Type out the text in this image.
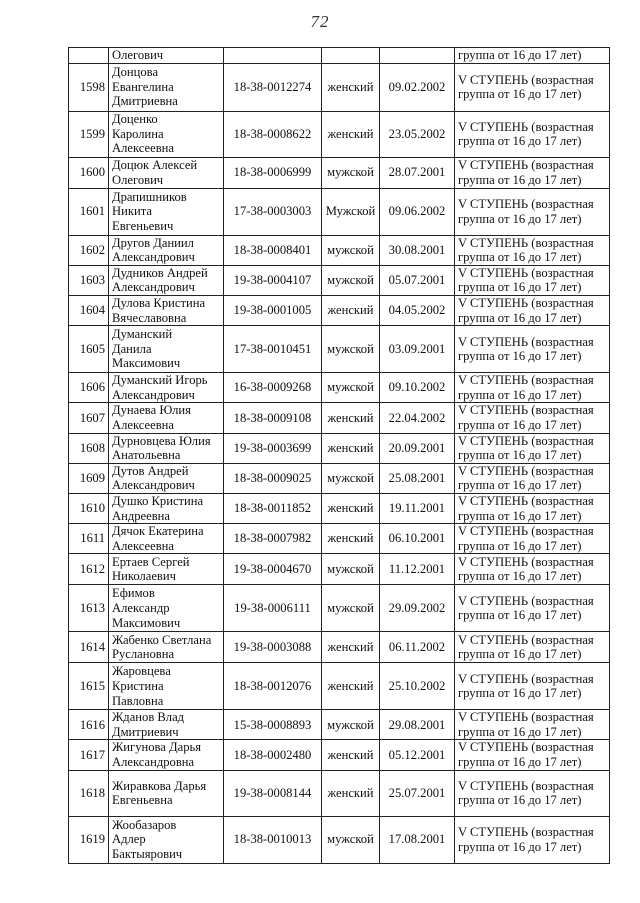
72

	Олегович				группа от 16 до 17 лет)

1598	Донцова
Евангелина
Дмитриевна	18-38-0012274	женский	09.02.2002	V СТУПЕНЬ (возрастная
группа от 16 до 17 лет)

1599	Доценко
Каролина
Алексеевна	18-38-0008622	женский	23.05.2002	V СТУПЕНЬ (возрастная
группа от 16 до 17 лет)

1600	Доцюк Алексей
Олегович	18-38-0006999	мужской	28.07.2001	V СТУПЕНЬ (возрастная
группа от 16 до 17 лет)

1601	Драпишников
Никита
Евгеньевич	17-38-0003003	Мужской	09.06.2002	V СТУПЕНЬ (возрастная
группа от 16 до 17 лет)

1602	Другов Даниил
Александрович	18-38-0008401	мужской	30.08.2001	V СТУПЕНЬ (возрастная
группа от 16 до 17 лет)

1603	Дудников Андрей
Александрович	19-38-0004107	мужской	05.07.2001	V СТУПЕНЬ (возрастная
группа от 16 до 17 лет)

1604	Дулова Кристина
Вячеславовна	19-38-0001005	женский	04.05.2002	V СТУПЕНЬ (возрастная
группа от 16 до 17 лет)

1605	Думанский
Данила
Максимович	17-38-0010451	мужской	03.09.2001	V СТУПЕНЬ (возрастная
группа от 16 до 17 лет)

1606	Думанский Игорь
Александрович	16-38-0009268	мужской	09.10.2002	V СТУПЕНЬ (возрастная
группа от 16 до 17 лет)

1607	Дунаева Юлия
Алексеевна	18-38-0009108	женский	22.04.2002	V СТУПЕНЬ (возрастная
группа от 16 до 17 лет)

1608	Дурновцева Юлия
Анатольевна	19-38-0003699	женский	20.09.2001	V СТУПЕНЬ (возрастная
группа от 16 до 17 лет)

1609	Дутов Андрей
Александрович	18-38-0009025	мужской	25.08.2001	V СТУПЕНЬ (возрастная
группа от 16 до 17 лет)

1610	Душко Кристина
Андреевна	18-38-0011852	женский	19.11.2001	V СТУПЕНЬ (возрастная
группа от 16 до 17 лет)

1611	Дячок Екатерина
Алексеевна	18-38-0007982	женский	06.10.2001	V СТУПЕНЬ (возрастная
группа от 16 до 17 лет)

1612	Ертаев Сергей
Николаевич	19-38-0004670	мужской	11.12.2001	V СТУПЕНЬ (возрастная
группа от 16 до 17 лет)

1613	Ефимов
Александр
Максимович	19-38-0006111	мужской	29.09.2002	V СТУПЕНЬ (возрастная
группа от 16 до 17 лет)

1614	Жабенко Светлана
Руслановна	19-38-0003088	женский	06.11.2002	V СТУПЕНЬ (возрастная
группа от 16 до 17 лет)

1615	Жаровцева
Кристина
Павловна	18-38-0012076	женский	25.10.2002	V СТУПЕНЬ (возрастная
группа от 16 до 17 лет)

1616	Жданов Влад
Дмитриевич	15-38-0008893	мужской	29.08.2001	V СТУПЕНЬ (возрастная
группа от 16 до 17 лет)

1617	Жигунова Дарья
Александровна	18-38-0002480	женский	05.12.2001	V СТУПЕНЬ (возрастная
группа от 16 до 17 лет)

1618	Жиравкова Дарья
Евгеньевна	19-38-0008144	женский	25.07.2001	V СТУПЕНЬ (возрастная
группа от 16 до 17 лет)

1619	Жообазаров
Адлер
Бактыярович	18-38-0010013	мужской	17.08.2001	V СТУПЕНЬ (возрастная
группа от 16 до 17 лет)
